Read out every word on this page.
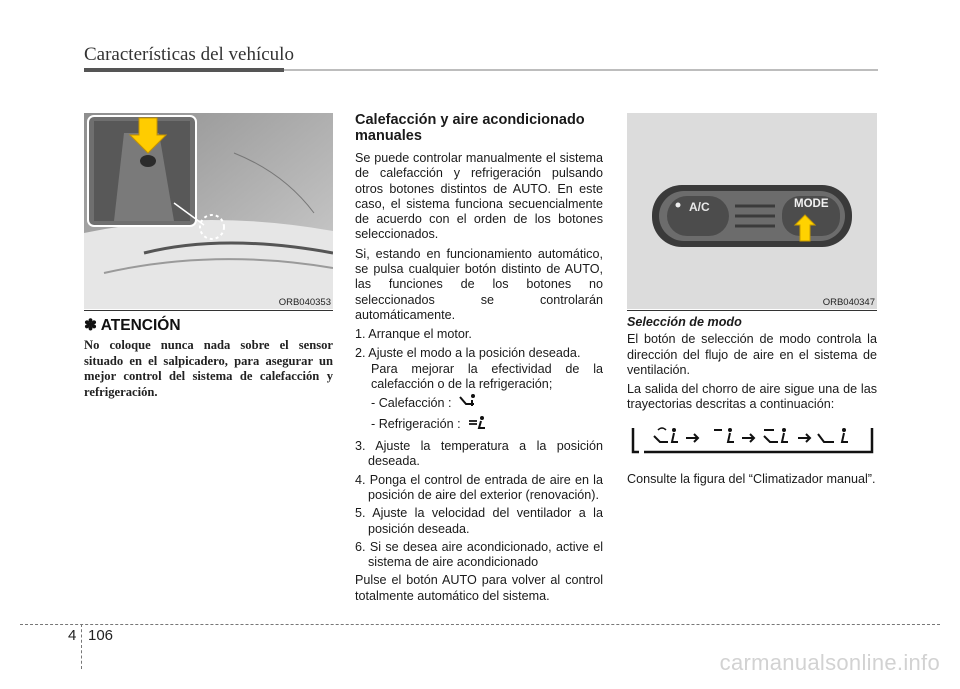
Características del vehículo
ORB040353
A/C	MODE
ORB040347
✽ ATENCIÓN
No coloque nunca nada sobre el sensor situado en el salpicadero, para asegurar un mejor control del sistema de calefacción y refrigeración.
Calefacción y aire acondicionado manuales

Se puede controlar manualmente el sistema de calefacción y refrigeración pulsando otros botones distintos de AUTO. En este caso, el sistema funciona secuencialmente de acuerdo con el orden de los botones seleccionados.

Si, estando en funcionamiento automático, se pulsa cualquier botón distinto de AUTO, las funciones de los botones no seleccionados se controlarán automáticamente.

1. Arranque el motor.
2. Ajuste el modo a la posición deseada.
Para mejorar la efectividad de la calefacción o de la refrigeración;
- Calefacción :
- Refrigeración :
3. Ajuste la temperatura a la posición deseada.
4. Ponga el control de entrada de aire en la posición de aire del exterior (renovación).
5. Ajuste la velocidad del ventilador a la posición deseada.
6. Si se desea aire acondicionado, active el sistema de aire acondicionado

Pulse el botón AUTO para volver al control totalmente automático del sistema.

Selección de modo

El botón de selección de modo controla la dirección del flujo de aire en el sistema de ventilación.

La salida del chorro de aire sigue una de las trayectorias descritas a continuación:

Consulte la figura del “Climatizador manual”.

4 106
carmanualsonline.info
